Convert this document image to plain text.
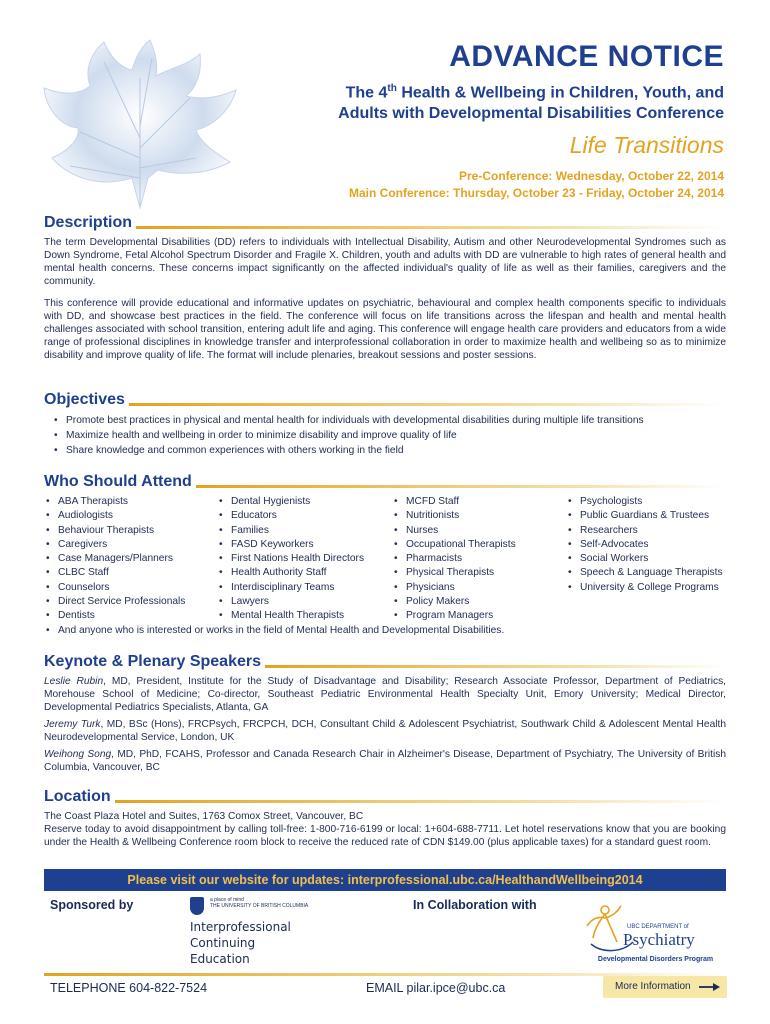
ADVANCE NOTICE
The 4th Health & Wellbeing in Children, Youth, and
Adults with Developmental Disabilities Conference
Life Transitions
Pre-Conference: Wednesday, October 22, 2014
Main Conference: Thursday, October 23 - Friday, October 24, 2014
Description

The term Developmental Disabilities (DD) refers to individuals with Intellectual Disability, Autism and other Neurodevelopmental Syndromes such as Down Syndrome, Fetal Alcohol Spectrum Disorder and Fragile X. Children, youth and adults with DD are vulnerable to high rates of general health and mental health concerns. These concerns impact significantly on the affected individual's quality of life as well as their families, caregivers and the community.

This conference will provide educational and informative updates on psychiatric, behavioural and complex health components specific to individuals with DD, and showcase best practices in the field. The conference will focus on life transitions across the lifespan and health and mental health challenges associated with school transition, entering adult life and aging. This conference will engage health care providers and educators from a wide range of professional disciplines in knowledge transfer and interprofessional collaboration in order to maximize health and wellbeing so as to minimize disability and improve quality of life. The format will include plenaries, breakout sessions and poster sessions.

Objectives
• Promote best practices in physical and mental health for individuals with developmental disabilities during multiple life transitions
• Maximize health and wellbeing in order to minimize disability and improve quality of life
• Share knowledge and common experiences with others working in the field
Who Should Attend
• ABA Therapists
• Audiologists
• Behaviour Therapists
• Caregivers
• Case Managers/Planners
• CLBC Staff
• Counselors
• Direct Service Professionals
• Dentists
• Dental Hygienists
• Educators
• Families
• FASD Keyworkers
• First Nations Health Directors
• Health Authority Staff
• Interdisciplinary Teams
• Lawyers
• Mental Health Therapists
• MCFD Staff
• Nutritionists
• Nurses
• Occupational Therapists
• Pharmacists
• Physical Therapists
• Physicians
• Policy Makers
• Program Managers
• Psychologists
• Public Guardians & Trustees
• Researchers
• Self-Advocates
• Social Workers
• Speech & Language Therapists
• University & College Programs
• And anyone who is interested or works in the field of Mental Health and Developmental Disabilities.
Keynote & Plenary Speakers

Leslie Rubin, MD, President, Institute for the Study of Disadvantage and Disability; Research Associate Professor, Department of Pediatrics, Morehouse School of Medicine; Co-director, Southeast Pediatric Environmental Health Specialty Unit, Emory University; Medical Director, Developmental Pediatrics Specialists, Atlanta, GA

Jeremy Turk, MD, BSc (Hons), FRCPsych, FRCPCH, DCH, Consultant Child & Adolescent Psychiatrist, Southwark Child & Adolescent Mental Health Neurodevelopmental Service, London, UK

Weihong Song, MD, PhD, FCAHS, Professor and Canada Research Chair in Alzheimer's Disease, Department of Psychiatry, The University of British Columbia, Vancouver, BC

Location

The Coast Plaza Hotel and Suites, 1763 Comox Street, Vancouver, BC

Reserve today to avoid disappointment by calling toll-free: 1-800-716-6199 or local: 1+604-688-7711. Let hotel reservations know that you are booking under the Health & Wellbeing Conference room block to receive the reduced rate of CDN $149.00 (plus applicable taxes) for a standard guest room.

Please visit our website for updates: interprofessional.ubc.ca/HealthandWellbeing2014
Sponsored by	a place of mind
THE UNIVERSITY OF BRITISH COLUMBIA
Interprofessional
Continuing
Education
In Collaboration with
UBC DEPARTMENT of
Psychiatry
Developmental Disorders Program
TELEPHONE 604-822-7524	EMAIL pilar.ipce@ubc.ca	More Information
